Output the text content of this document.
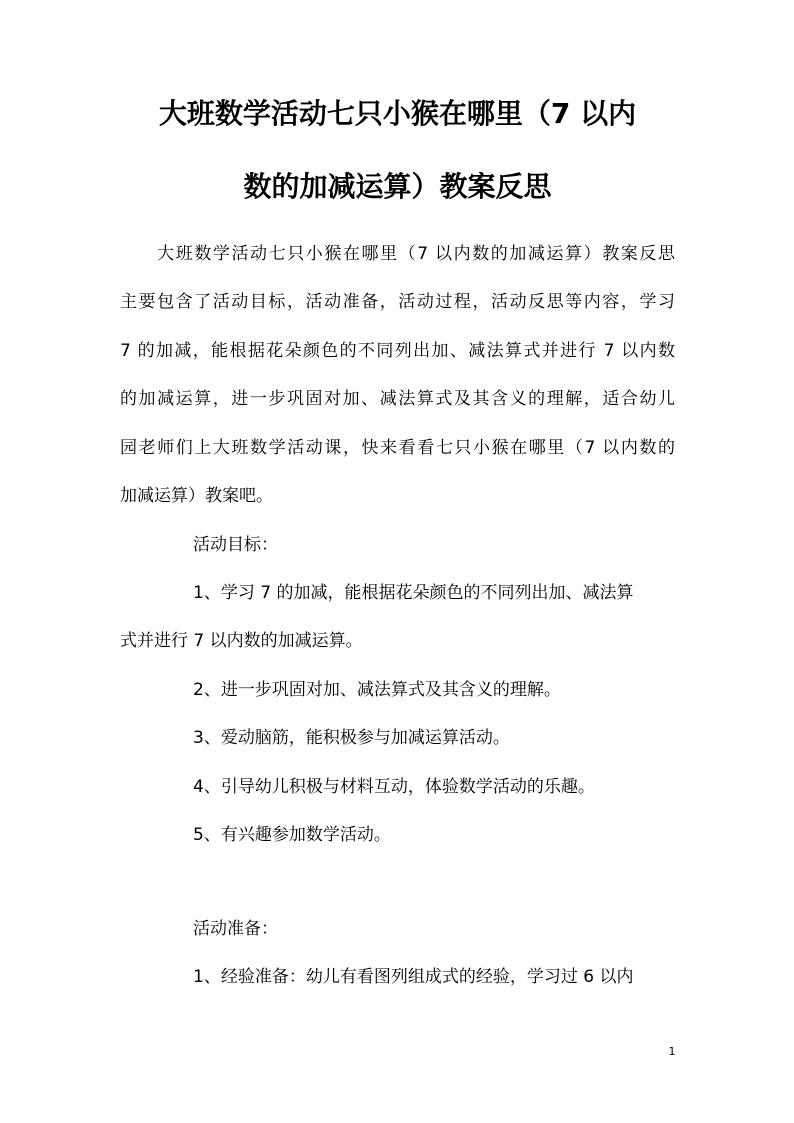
大班数学活动七只小猴在哪里（7 以内
数的加减运算）教案反思
　　大班数学活动七只小猴在哪里（7 以内数的加减运算）教案反思
主要包含了活动目标，活动准备，活动过程，活动反思等内容，学习
7 的加减，能根据花朵颜色的不同列出加、减法算式并进行 7 以内数
的加减运算，进一步巩固对加、减法算式及其含义的理解，适合幼儿
园老师们上大班数学活动课，快来看看七只小猴在哪里（7 以内数的
加减运算）教案吧。
活动目标：
1、学习 7 的加减，能根据花朵颜色的不同列出加、减法算
式并进行 7 以内数的加减运算。
2、进一步巩固对加、减法算式及其含义的理解。
3、爱动脑筋，能积极参与加减运算活动。
4、引导幼儿积极与材料互动，体验数学活动的乐趣。
5、有兴趣参加数学活动。
活动准备：
1、经验准备：幼儿有看图列组成式的经验，学习过 6 以内
1
